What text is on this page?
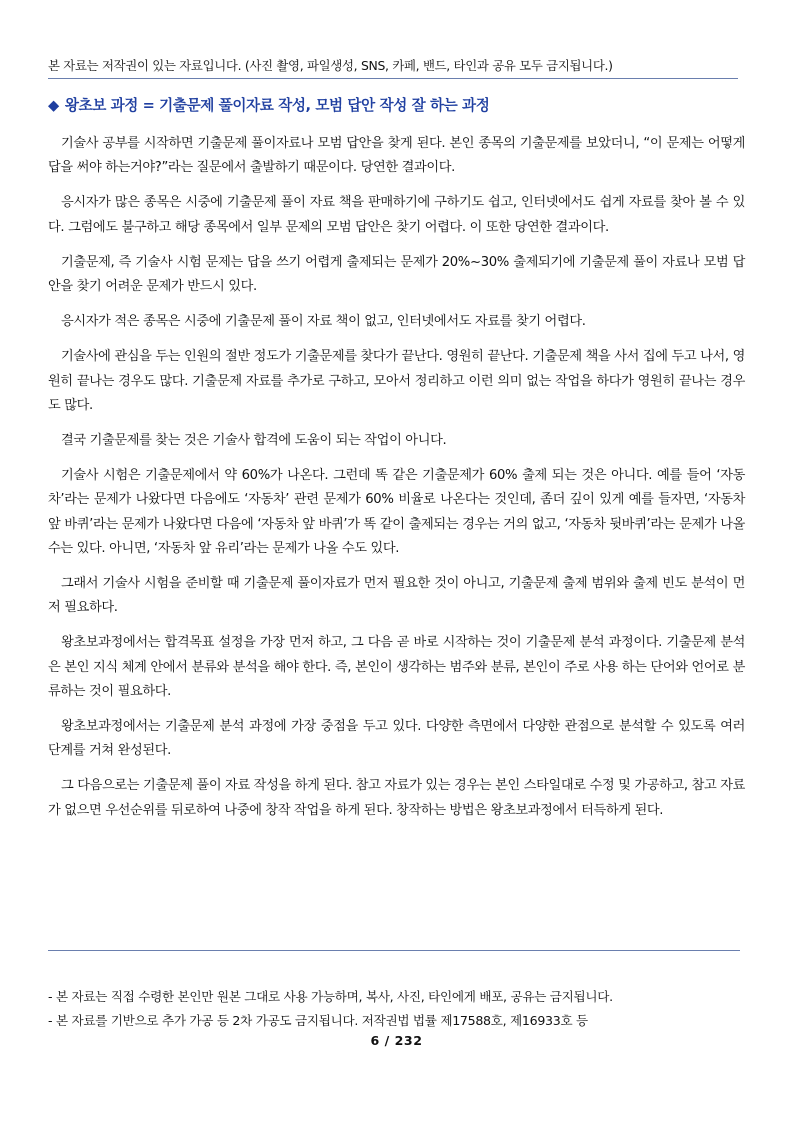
본 자료는 저작권이 있는 자료입니다. (사진 촬영, 파일생성, SNS, 카페, 밴드, 타인과 공유 모두 금지됩니다.)
◆ 왕초보 과정 = 기출문제 풀이자료 작성, 모범 답안 작성 잘 하는 과정

기술사 공부를 시작하면 기출문제 풀이자료나 모범 답안을 찾게 된다. 본인 종목의 기출문제를 보았더니, “이 문제는 어떻게 답을 써야 하는거야?”라는 질문에서 출발하기 때문이다. 당연한 결과이다.

응시자가 많은 종목은 시중에 기출문제 풀이 자료 책을 판매하기에 구하기도 쉽고, 인터넷에서도 쉽게 자료를 찾아 볼 수 있다. 그럼에도 불구하고 해당 종목에서 일부 문제의 모범 답안은 찾기 어렵다. 이 또한 당연한 결과이다.

기출문제, 즉 기술사 시험 문제는 답을 쓰기 어렵게 출제되는 문제가 20%~30% 출제되기에 기출문제 풀이 자료나 모범 답안을 찾기 어려운 문제가 반드시 있다.

응시자가 적은 종목은 시중에 기출문제 풀이 자료 책이 없고, 인터넷에서도 자료를 찾기 어렵다.

기술사에 관심을 두는 인원의 절반 정도가 기출문제를 찾다가 끝난다. 영원히 끝난다. 기출문제 책을 사서 집에 두고 나서, 영원히 끝나는 경우도 많다. 기출문제 자료를 추가로 구하고, 모아서 정리하고 이런 의미 없는 작업을 하다가 영원히 끝나는 경우도 많다.

결국 기출문제를 찾는 것은 기술사 합격에 도움이 되는 작업이 아니다.

기술사 시험은 기출문제에서 약 60%가 나온다. 그런데 똑 같은 기출문제가 60% 출제 되는 것은 아니다. 예를 들어 ‘자동차’라는 문제가 나왔다면 다음에도 ‘자동차’ 관련 문제가 60% 비율로 나온다는 것인데, 좀더 깊이 있게 예를 들자면, ‘자동차 앞 바퀴’라는 문제가 나왔다면 다음에 ‘자동차 앞 바퀴’가 똑 같이 출제되는 경우는 거의 없고, ‘자동차 뒷바퀴’라는 문제가 나올 수는 있다. 아니면, ‘자동차 앞 유리’라는 문제가 나올 수도 있다.

그래서 기술사 시험을 준비할 때 기출문제 풀이자료가 먼저 필요한 것이 아니고, 기출문제 출제 범위와 출제 빈도 분석이 먼저 필요하다.

왕초보과정에서는 합격목표 설정을 가장 먼저 하고, 그 다음 곧 바로 시작하는 것이 기출문제 분석 과정이다. 기출문제 분석은 본인 지식 체계 안에서 분류와 분석을 해야 한다. 즉, 본인이 생각하는 범주와 분류, 본인이 주로 사용 하는 단어와 언어로 분류하는 것이 필요하다.

왕초보과정에서는 기출문제 분석 과정에 가장 중점을 두고 있다. 다양한 측면에서 다양한 관점으로 분석할 수 있도록 여러 단계를 거쳐 완성된다.

그 다음으로는 기출문제 풀이 자료 작성을 하게 된다. 참고 자료가 있는 경우는 본인 스타일대로 수정 및 가공하고, 참고 자료가 없으면 우선순위를 뒤로하여 나중에 창작 작업을 하게 된다. 창작하는 방법은 왕초보과정에서 터득하게 된다.

- 본 자료는 직접 수령한 본인만 원본 그대로 사용 가능하며, 복사, 사진, 타인에게 배포, 공유는 금지됩니다.
- 본 자료를 기반으로 추가 가공 등 2차 가공도 금지됩니다. 저작권법 법률 제17588호, 제16933호 등
6 / 232
